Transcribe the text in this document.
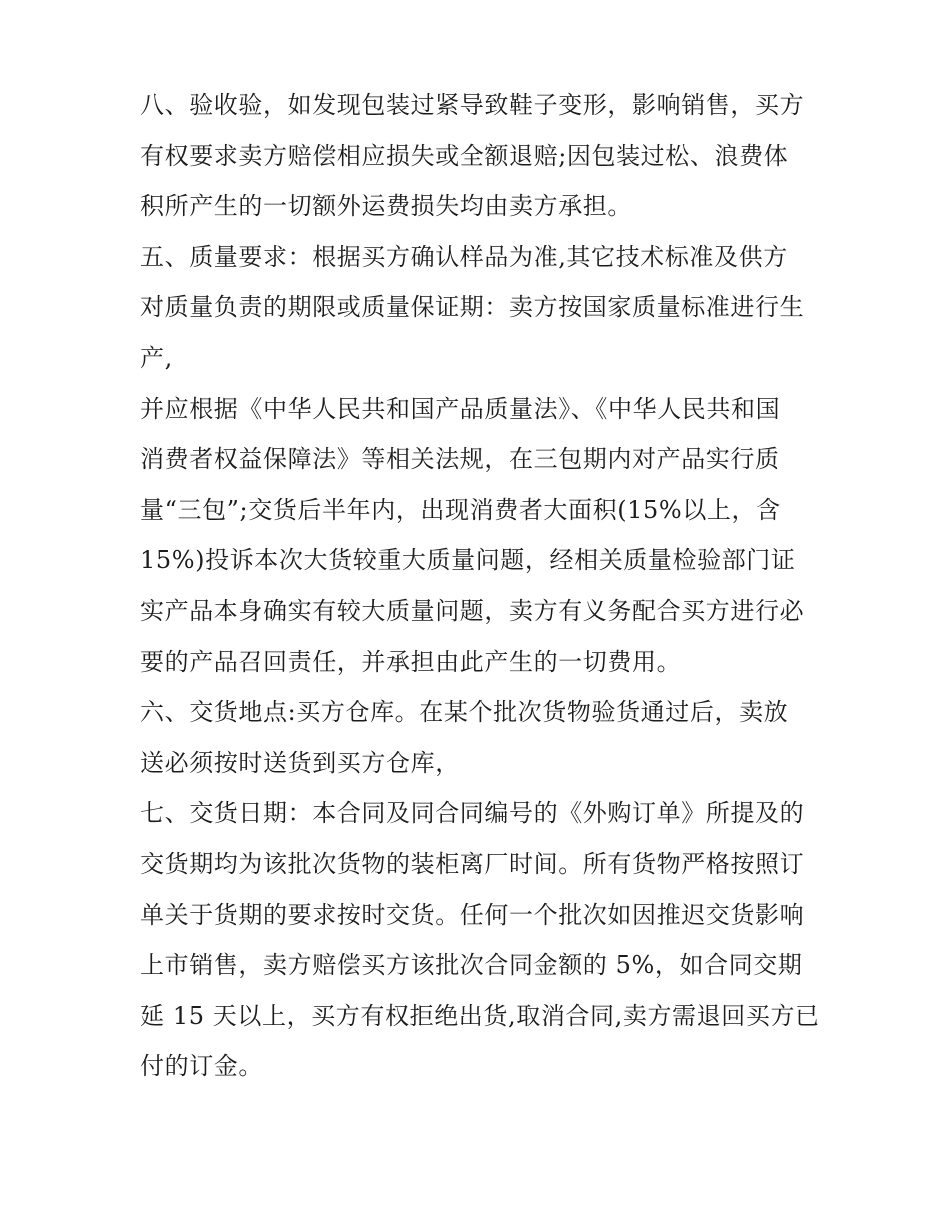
八、验收验，如发现包装过紧导致鞋子变形，影响销售，买方
有权要求卖方赔偿相应损失或全额退赔;因包装过松、浪费体
积所产生的一切额外运费损失均由卖方承担。
五、质量要求：根据买方确认样品为准,其它技术标准及供方
对质量负责的期限或质量保证期：卖方按国家质量标准进行生
产,
并应根据《中华人民共和国产品质量法》、《中华人民共和国
消费者权益保障法》等相关法规，在三包期内对产品实行质
量“三包”;交货后半年内，出现消费者大面积(15%以上，含
15%)投诉本次大货较重大质量问题，经相关质量检验部门证
实产品本身确实有较大质量问题，卖方有义务配合买方进行必
要的产品召回责任，并承担由此产生的一切费用。
六、交货地点:买方仓库。在某个批次货物验货通过后，卖放
送必须按时送货到买方仓库，
七、交货日期：本合同及同合同编号的《外购订单》所提及的
交货期均为该批次货物的装柜离厂时间。所有货物严格按照订
单关于货期的要求按时交货。任何一个批次如因推迟交货影响
上市销售，卖方赔偿买方该批次合同金额的 5%，如合同交期
延 15 天以上，买方有权拒绝出货,取消合同,卖方需退回买方已
付的订金。
